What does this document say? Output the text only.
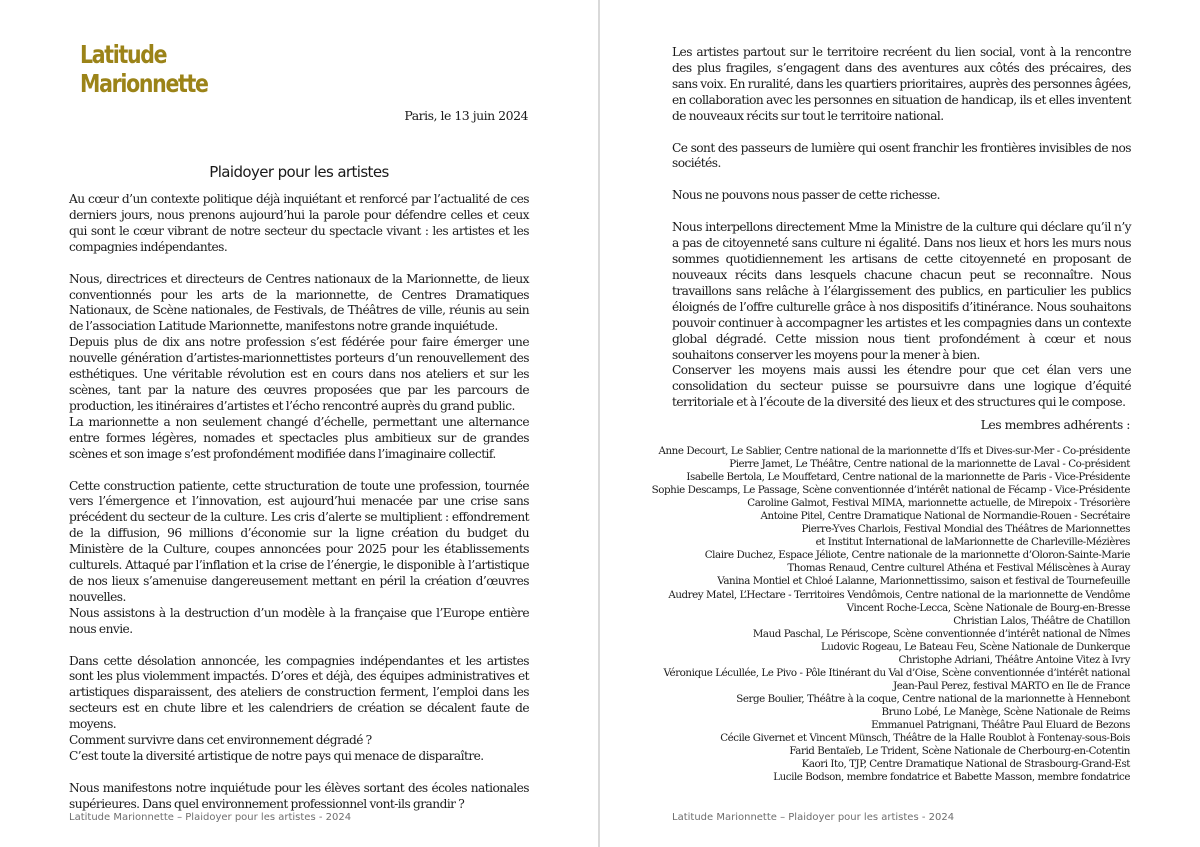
Latitude
Marionnette
Paris, le 13 juin 2024
Plaidoyer pour les artistes

Au cœur d’un contexte politique déjà inquiétant et renforcé par l’actualité de ces derniers jours, nous prenons aujourd’hui la parole pour défendre celles et ceux qui sont le cœur vibrant de notre secteur du spectacle vivant : les artistes et les compagnies indépendantes.

Nous, directrices et directeurs de Centres nationaux de la Marionnette, de lieux conventionnés pour les arts de la marionnette, de Centres Dramatiques Nationaux, de Scène nationales, de Festivals, de Théâtres de ville, réunis au sein de l’association Latitude Marionnette, manifestons notre grande inquiétude.

Depuis plus de dix ans notre profession s’est fédérée pour faire émerger une nouvelle génération d’artistes-marionnettistes porteurs d’un renouvellement des esthétiques. Une véritable révolution est en cours dans nos ateliers et sur les scènes, tant par la nature des œuvres proposées que par les parcours de production, les itinéraires d’artistes et l’écho rencontré auprès du grand public.

La marionnette a non seulement changé d’échelle, permettant une alternance entre formes légères, nomades et spectacles plus ambitieux sur de grandes scènes et son image s’est profondément modifiée dans l’imaginaire collectif.

Cette construction patiente, cette structuration de toute une profession, tournée vers l’émergence et l’innovation, est aujourd’hui menacée par une crise sans précédent du secteur de la culture. Les cris d’alerte se multiplient : effondrement de la diffusion, 96 millions d’économie sur la ligne création du budget du Ministère de la Culture, coupes annoncées pour 2025 pour les établissements culturels. Attaqué par l’inflation et la crise de l’énergie, le disponible à l’artistique de nos lieux s’amenuise dangereusement mettant en péril la création d’œuvres nouvelles.

Nous assistons à la destruction d’un modèle à la française que l’Europe entière nous envie.

Dans cette désolation annoncée, les compagnies indépendantes et les artistes sont les plus violemment impactés. D’ores et déjà, des équipes administratives et artistiques disparaissent, des ateliers de construction ferment, l’emploi dans les secteurs est en chute libre et les calendriers de création se décalent faute de moyens.

Comment survivre dans cet environnement dégradé ?

C’est toute la diversité artistique de notre pays qui menace de disparaître.

Nous manifestons notre inquiétude pour les élèves sortant des écoles nationales supérieures. Dans quel environnement professionnel vont-ils grandir ?

Latitude Marionnette – Plaidoyer pour les artistes - 2024

Les artistes partout sur le territoire recréent du lien social, vont à la rencontre des plus fragiles, s’engagent dans des aventures aux côtés des précaires, des sans voix. En ruralité, dans les quartiers prioritaires, auprès des personnes âgées, en collaboration avec les personnes en situation de handicap, ils et elles inventent de nouveaux récits sur tout le territoire national.

Ce sont des passeurs de lumière qui osent franchir les frontières invisibles de nos sociétés.

Nous ne pouvons nous passer de cette richesse.

Nous interpellons directement Mme la Ministre de la culture qui déclare qu’il n’y a pas de citoyenneté sans culture ni égalité. Dans nos lieux et hors les murs nous sommes quotidiennement les artisans de cette citoyenneté en proposant de nouveaux récits dans lesquels chacune chacun peut se reconnaître. Nous travaillons sans relâche à l’élargissement des publics, en particulier les publics éloignés de l’offre culturelle grâce à nos dispositifs d’itinérance. Nous souhaitons pouvoir continuer à accompagner les artistes et les compagnies dans un contexte global dégradé. Cette mission nous tient profondément à cœur et nous souhaitons conserver les moyens pour la mener à bien.

Conserver les moyens mais aussi les étendre pour que cet élan vers une consolidation du secteur puisse se poursuivre dans une logique d’équité territoriale et à l’écoute de la diversité des lieux et des structures qui le compose.

Les membres adhérents :

Anne Decourt, Le Sablier, Centre national de la marionnette d’Ifs et Dives-sur-Mer - Co-présidente
Pierre Jamet, Le Théâtre, Centre national de la marionnette de Laval - Co-président
Isabelle Bertola, Le Mouffetard, Centre national de la marionnette de Paris - Vice-Présidente
Sophie Descamps, Le Passage, Scène conventionnée d’intérêt national de Fécamp - Vice-Présidente
Caroline Galmot, Festival MIMA, marionnette actuelle, de Mirepoix - Trésorière
Antoine Pitel, Centre Dramatique National de Normandie-Rouen - Secrétaire
Pierre-Yves Charlois, Festival Mondial des Théâtres de Marionnettes
et Institut International de laMarionnette de Charleville-Mézières
Claire Duchez, Espace Jéliote, Centre nationale de la marionnette d’Oloron-Sainte-Marie
Thomas Renaud, Centre culturel Athéna et Festival Méliscènes à Auray
Vanina Montiel et Chloé Lalanne, Marionnettissimo, saison et festival de Tournefeuille
Audrey Matel, L’Hectare - Territoires Vendômois, Centre national de la marionnette de Vendôme
Vincent Roche-Lecca, Scène Nationale de Bourg-en-Bresse
Christian Lalos, Théâtre de Chatillon
Maud Paschal, Le Périscope, Scène conventionnée d’intérêt national de Nîmes
Ludovic Rogeau, Le Bateau Feu, Scène Nationale de Dunkerque
Christophe Adriani, Théâtre Antoine Vitez à Ivry
Véronique Lécullée, Le Pivo - Pôle Itinérant du Val d’Oise, Scène conventionnée d’intérêt national
Jean-Paul Perez, festival MARTO en Ile de France
Serge Boulier, Théâtre à la coque, Centre national de la marionnette à Hennebont
Bruno Lobé, Le Manège, Scène Nationale de Reims
Emmanuel Patrignani, Théâtre Paul Eluard de Bezons
Cécile Givernet et Vincent Münsch, Théâtre de la Halle Roublot à Fontenay-sous-Bois
Farid Bentaïeb, Le Trident, Scène Nationale de Cherbourg-en-Cotentin
Kaori Ito, TJP, Centre Dramatique National de Strasbourg-Grand-Est
Lucile Bodson, membre fondatrice et Babette Masson, membre fondatrice
Latitude Marionnette – Plaidoyer pour les artistes - 2024
